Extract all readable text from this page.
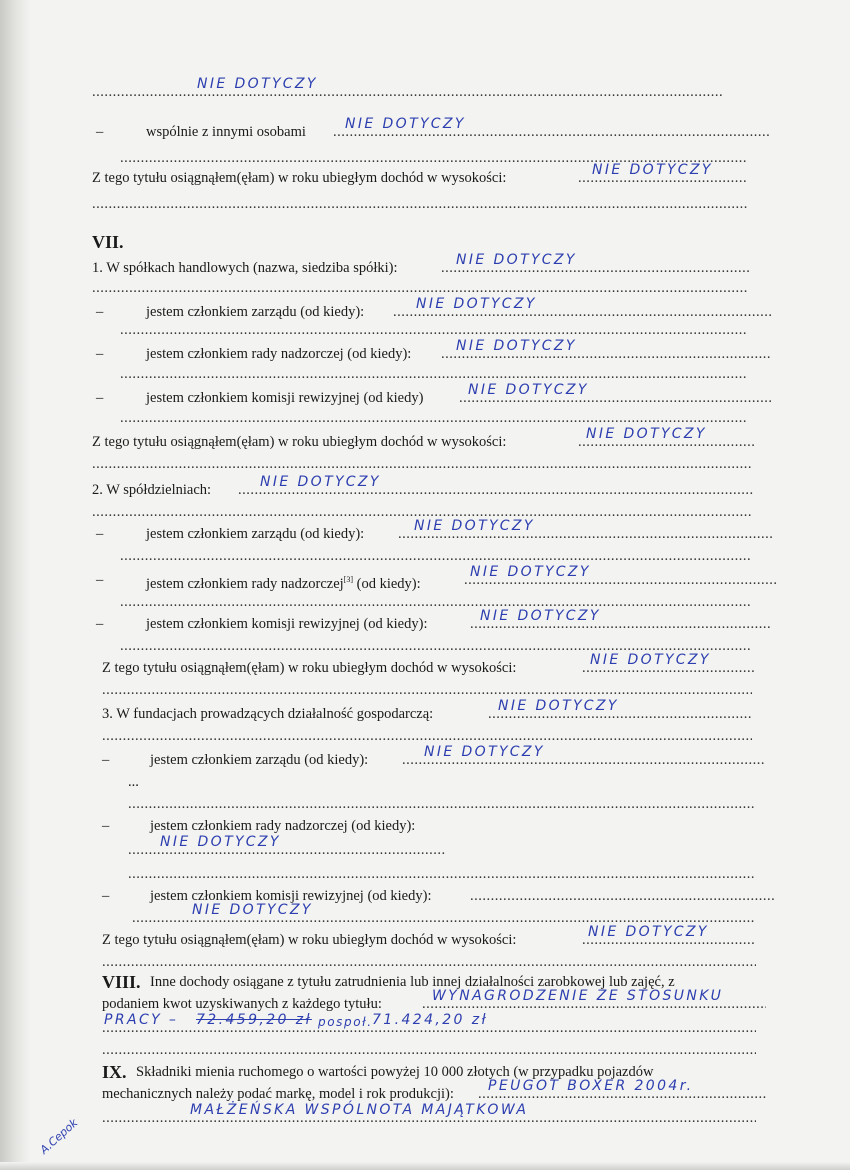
.....
NIE DOTYCZY
–	wspólnie z innymi osobami .....	NIE DOTYCZY
.....
Z tego tytułu osiągnąłem(ęłam) w roku ubiegłym dochód w wysokości: .....	NIE DOTYCZY
.....
VII.
1. W spółkach handlowych (nazwa, siedziba spółki): .....	NIE DOTYCZY
.....
–	jestem członkiem zarządu (od kiedy): .....	NIE DOTYCZY
.....
–	jestem członkiem rady nadzorczej (od kiedy): .....	NIE DOTYCZY
.....
–	jestem członkiem komisji rewizyjnej (od kiedy) .....	NIE DOTYCZY
.....
Z tego tytułu osiągnąłem(ęłam) w roku ubiegłym dochód w wysokości: .....	NIE DOTYCZY
.....
2. W spółdzielniach: .....	NIE DOTYCZY
.....
–	jestem członkiem zarządu (od kiedy): .....	NIE DOTYCZY
.....
–	jestem członkiem rady nadzorczej[3] (od kiedy):
.....
NIE DOTYCZY
.....
–	jestem członkiem komisji rewizyjnej (od kiedy): .....	NIE DOTYCZY
.....
Z tego tytułu osiągnąłem(ęłam) w roku ubiegłym dochód w wysokości: .....	NIE DOTYCZY
.....
3. W fundacjach prowadzących działalność gospodarczą: .....	NIE DOTYCZY
.....
–	jestem członkiem zarządu (od kiedy): .....	NIE DOTYCZY
...
.....
–	jestem członkiem rady nadzorczej (od kiedy):
.....
NIE DOTYCZY
.....
–	jestem członkiem komisji rewizyjnej (od kiedy):
.....
.....
NIE DOTYCZY
Z tego tytułu osiągnąłem(ęłam) w roku ubiegłym dochód w wysokości: .....	NIE DOTYCZY
.....
VIII. Inne dochody osiągane z tytułu zatrudnienia lub innej działalności zarobkowej lub zajęć, z
podaniem kwot uzyskiwanych z każdego tytułu: .....	WYNAGRODZENIE ZE STOSUNKU
.....
PRACY – 72.459,20 zł pospoł. 71.424,20 zł
.....
IX. Składniki mienia ruchomego o wartości powyżej 10 000 złotych (w przypadku pojazdów
mechanicznych należy podać markę, model i rok produkcji): ..... PEUGOT BOXER 2004r.
.....
MAŁŻEŃSKA WSPÓLNOTA MAJĄTKOWA
A.Cepok
